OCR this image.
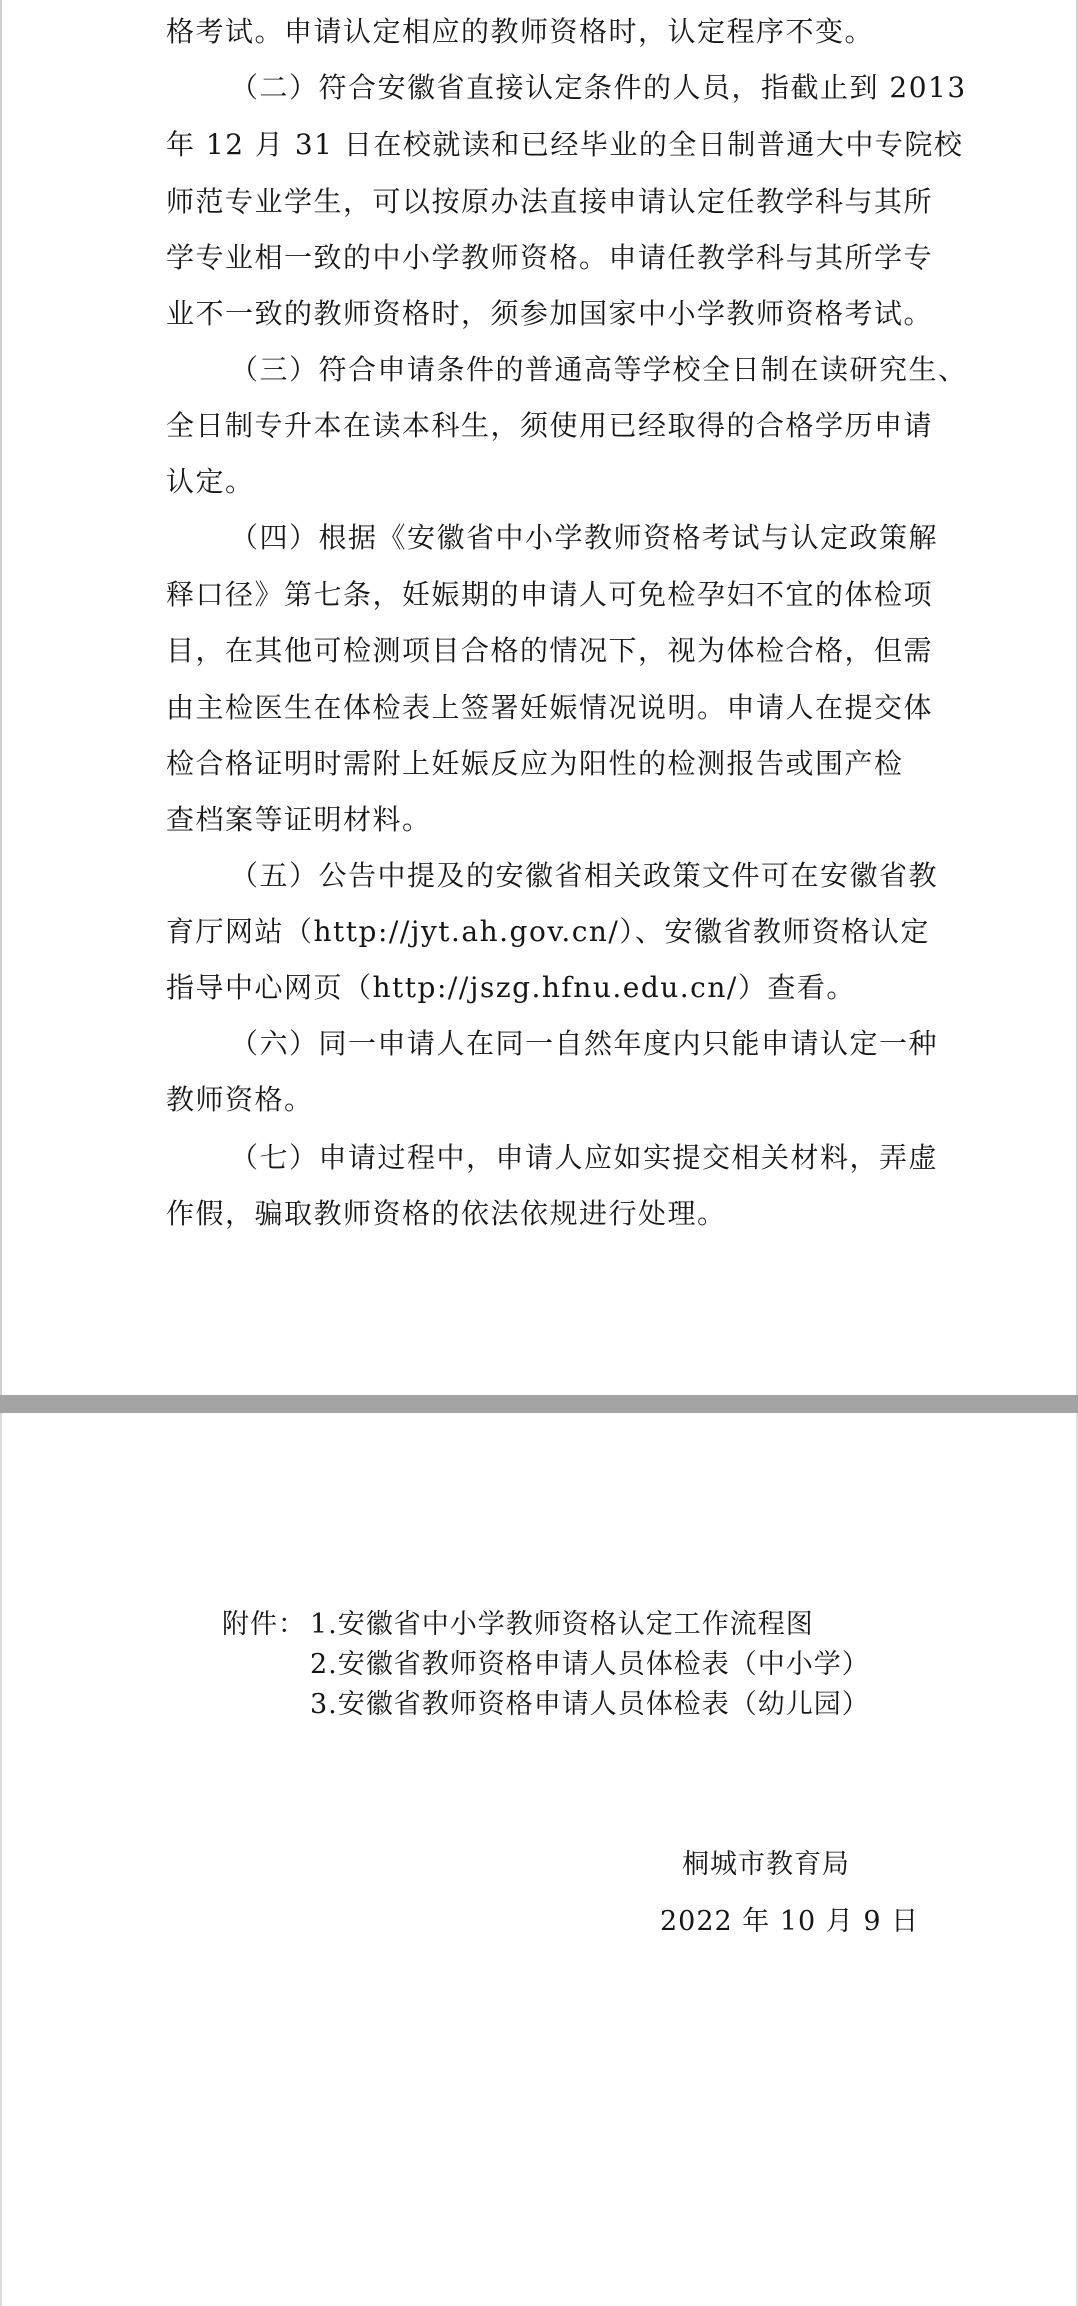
格考试。申请认定相应的教师资格时，认定程序不变。
（二）符合安徽省直接认定条件的人员，指截止到 2013
年 12 月 31 日在校就读和已经毕业的全日制普通大中专院校
师范专业学生，可以按原办法直接申请认定任教学科与其所
学专业相一致的中小学教师资格。申请任教学科与其所学专
业不一致的教师资格时，须参加国家中小学教师资格考试。
（三）符合申请条件的普通高等学校全日制在读研究生、
全日制专升本在读本科生，须使用已经取得的合格学历申请
认定。
（四）根据《安徽省中小学教师资格考试与认定政策解
释口径》第七条，妊娠期的申请人可免检孕妇不宜的体检项
目，在其他可检测项目合格的情况下，视为体检合格，但需
由主检医生在体检表上签署妊娠情况说明。申请人在提交体
检合格证明时需附上妊娠反应为阳性的检测报告或围产检
查档案等证明材料。
（五）公告中提及的安徽省相关政策文件可在安徽省教
育厅网站（http://jyt.ah.gov.cn/）、安徽省教师资格认定
指导中心网页（http://jszg.hfnu.edu.cn/）查看。
（六）同一申请人在同一自然年度内只能申请认定一种
教师资格。
（七）申请过程中，申请人应如实提交相关材料，弄虚
作假，骗取教师资格的依法依规进行处理。
附件： 1.安徽省中小学教师资格认定工作流程图
2.安徽省教师资格申请人员体检表（中小学）
3.安徽省教师资格申请人员体检表（幼儿园）
桐城市教育局
2022 年 10 月 9 日
